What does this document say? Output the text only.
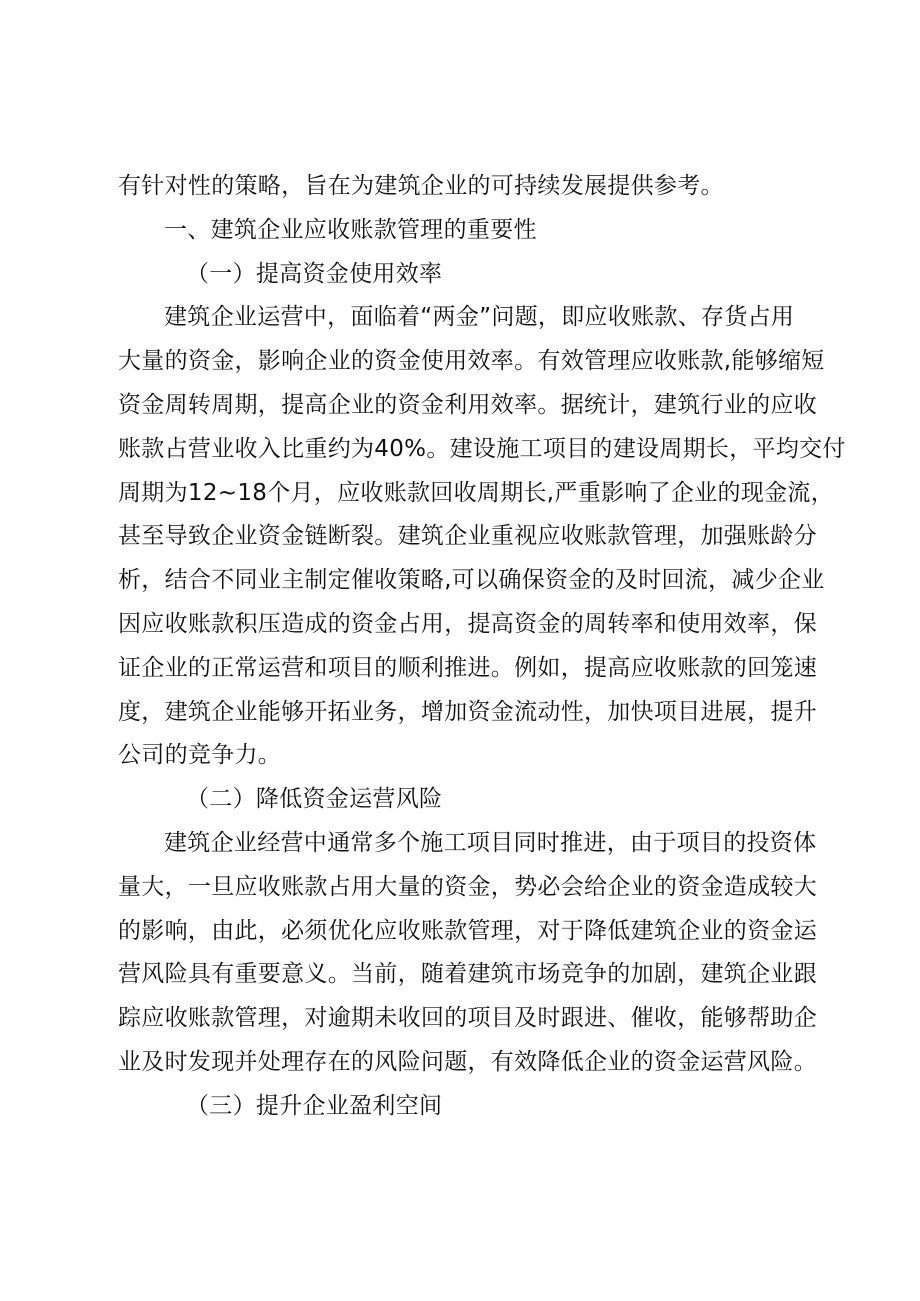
有针对性的策略，旨在为建筑企业的可持续发展提供参考。
一、建筑企业应收账款管理的重要性
（一）提高资金使用效率
建筑企业运营中，面临着“两金”问题，即应收账款、存货占用
大量的资金，影响企业的资金使用效率。有效管理应收账款,能够缩短
资金周转周期，提高企业的资金利用效率。据统计，建筑行业的应收
账款占营业收入比重约为40%。建设施工项目的建设周期长，平均交付
周期为12~18个月，应收账款回收周期长,严重影响了企业的现金流，
甚至导致企业资金链断裂。建筑企业重视应收账款管理，加强账龄分
析，结合不同业主制定催收策略,可以确保资金的及时回流，减少企业
因应收账款积压造成的资金占用，提高资金的周转率和使用效率，保
证企业的正常运营和项目的顺利推进。例如，提高应收账款的回笼速
度，建筑企业能够开拓业务，增加资金流动性，加快项目进展，提升
公司的竞争力。
（二）降低资金运营风险
建筑企业经营中通常多个施工项目同时推进，由于项目的投资体
量大，一旦应收账款占用大量的资金，势必会给企业的资金造成较大
的影响，由此，必须优化应收账款管理，对于降低建筑企业的资金运
营风险具有重要意义。当前，随着建筑市场竞争的加剧，建筑企业跟
踪应收账款管理，对逾期未收回的项目及时跟进、催收，能够帮助企
业及时发现并处理存在的风险问题，有效降低企业的资金运营风险。
（三）提升企业盈利空间
